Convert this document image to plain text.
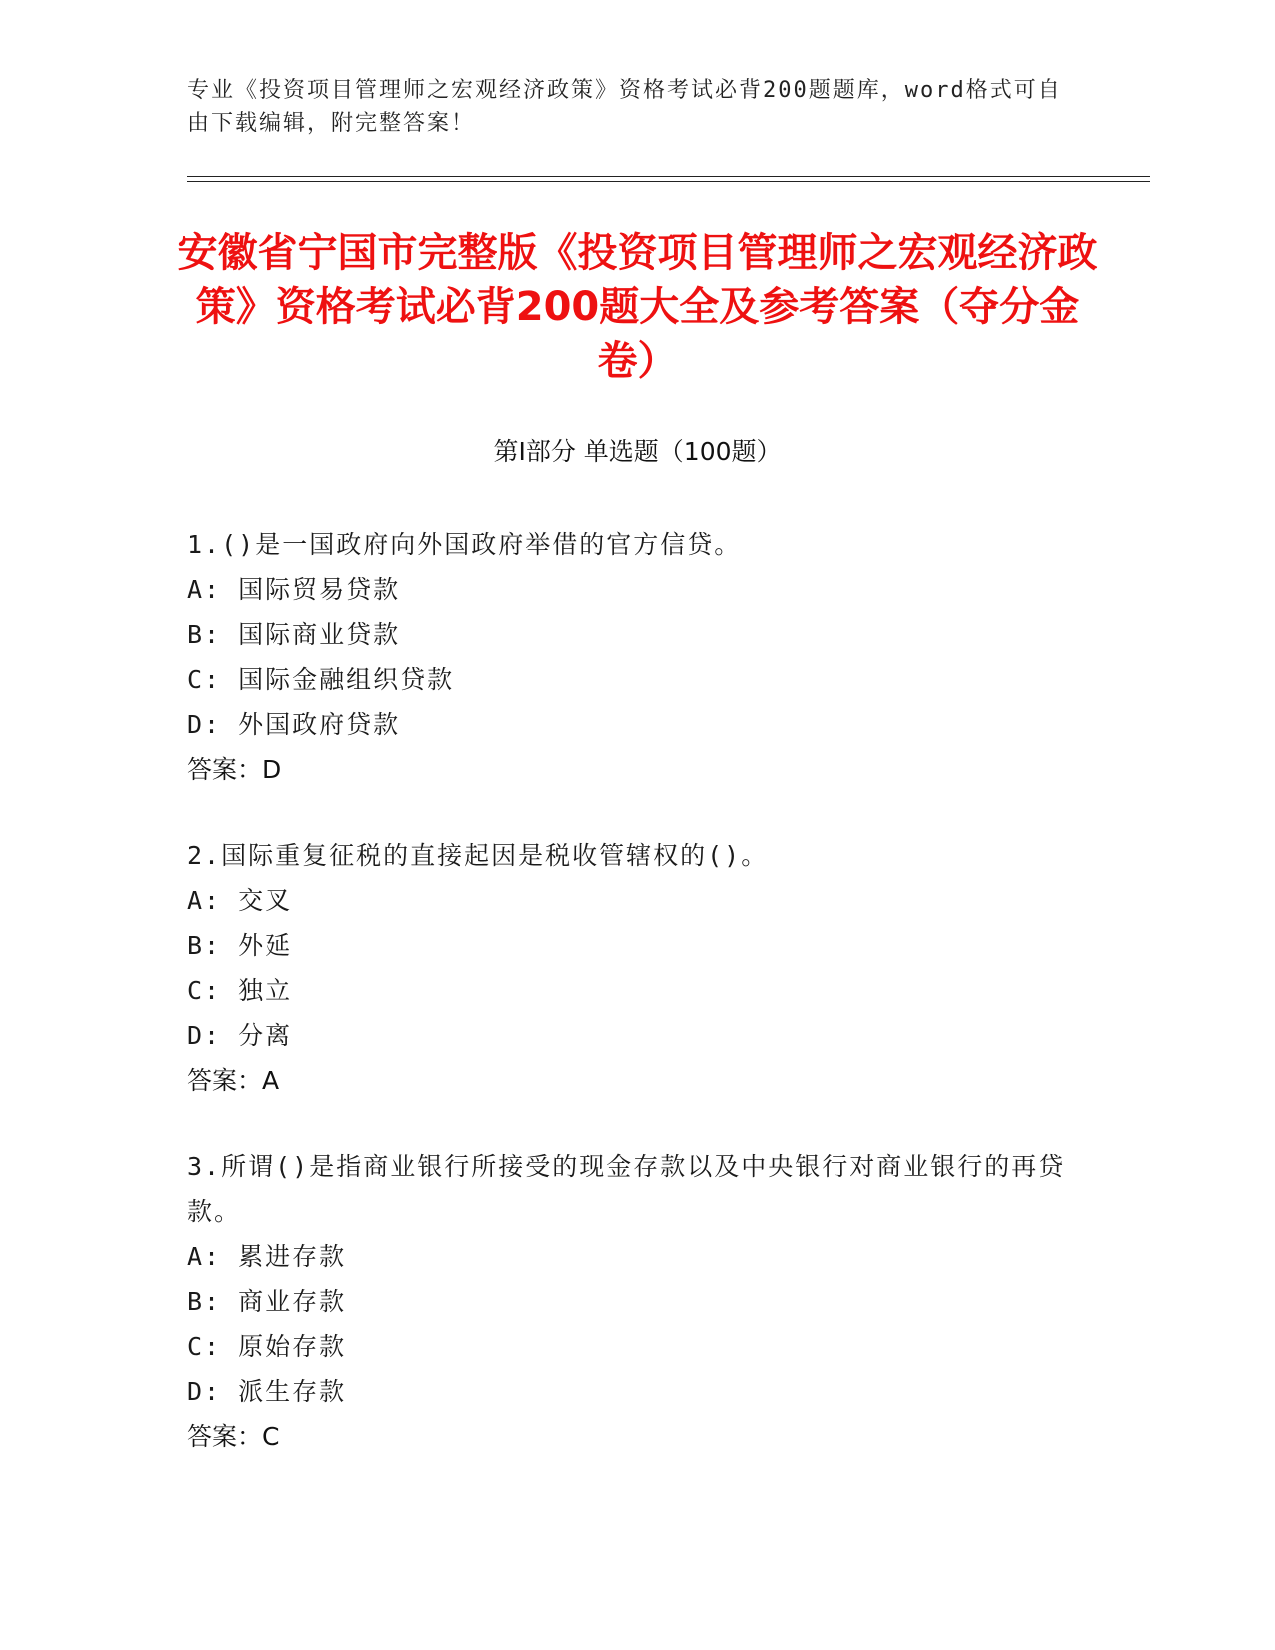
专业《投资项目管理师之宏观经济政策》资格考试必背200题题库，word格式可自由下载编辑，附完整答案！
安徽省宁国市完整版《投资项目管理师之宏观经济政策》资格考试必背200题大全及参考答案（夺分金卷）
第Ⅰ部分 单选题（100题）
1.()是一国政府向外国政府举借的官方信贷。
A: 国际贸易贷款
B: 国际商业贷款
C: 国际金融组织贷款
D: 外国政府贷款
答案：D
2.国际重复征税的直接起因是税收管辖权的()。
A: 交叉
B: 外延
C: 独立
D: 分离
答案：A
3.所谓()是指商业银行所接受的现金存款以及中央银行对商业银行的再贷款。
A: 累进存款
B: 商业存款
C: 原始存款
D: 派生存款
答案：C
